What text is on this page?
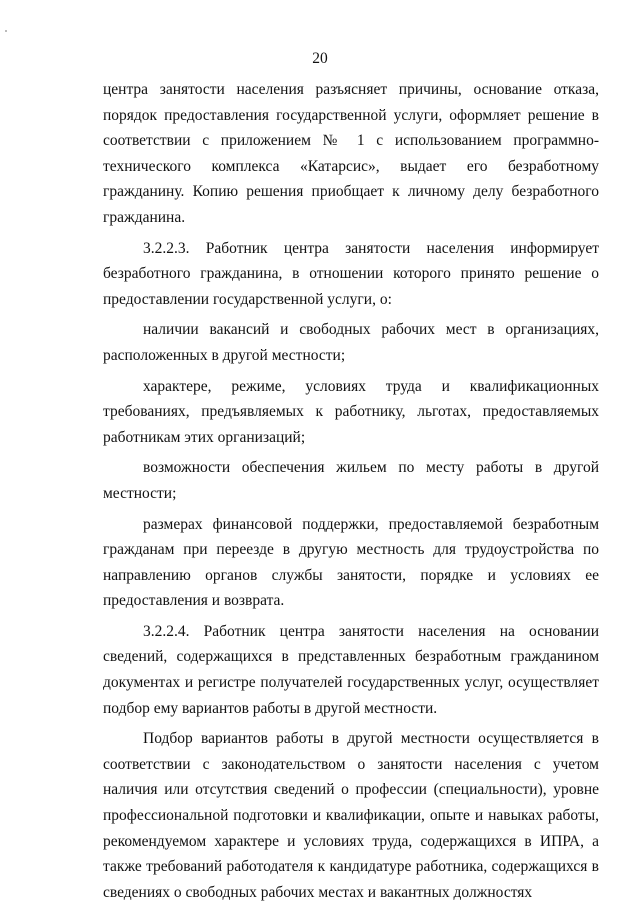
20

центра занятости населения разъясняет причины, основание отказа, порядок предоставления государственной услуги, оформляет решение в соответствии с приложением № 1 с использованием программно-технического комплекса «Катарсис», выдает его безработному гражданину. Копию решения приобщает к личному делу безработного гражданина.

3.2.2.3. Работник центра занятости населения информирует безработного гражданина, в отношении которого принято решение о предоставлении государственной услуги, о:

наличии вакансий и свободных рабочих мест в организациях, расположенных в другой местности;

характере, режиме, условиях труда и квалификационных требованиях, предъявляемых к работнику, льготах, предоставляемых работникам этих организаций;

возможности обеспечения жильем по месту работы в другой местности;

размерах финансовой поддержки, предоставляемой безработным гражданам при переезде в другую местность для трудоустройства по направлению органов службы занятости, порядке и условиях ее предоставления и возврата.

3.2.2.4. Работник центра занятости населения на основании сведений, содержащихся в представленных безработным гражданином документах и регистре получателей государственных услуг, осуществляет подбор ему вариантов работы в другой местности.

Подбор вариантов работы в другой местности осуществляется в соответствии с законодательством о занятости населения с учетом наличия или отсутствия сведений о профессии (специальности), уровне профессиональной подготовки и квалификации, опыте и навыках работы, рекомендуемом характере и условиях труда, содержащихся в ИПРА, а также требований работодателя к кандидатуре работника, содержащихся в сведениях о свободных рабочих местах и вакантных должностях
